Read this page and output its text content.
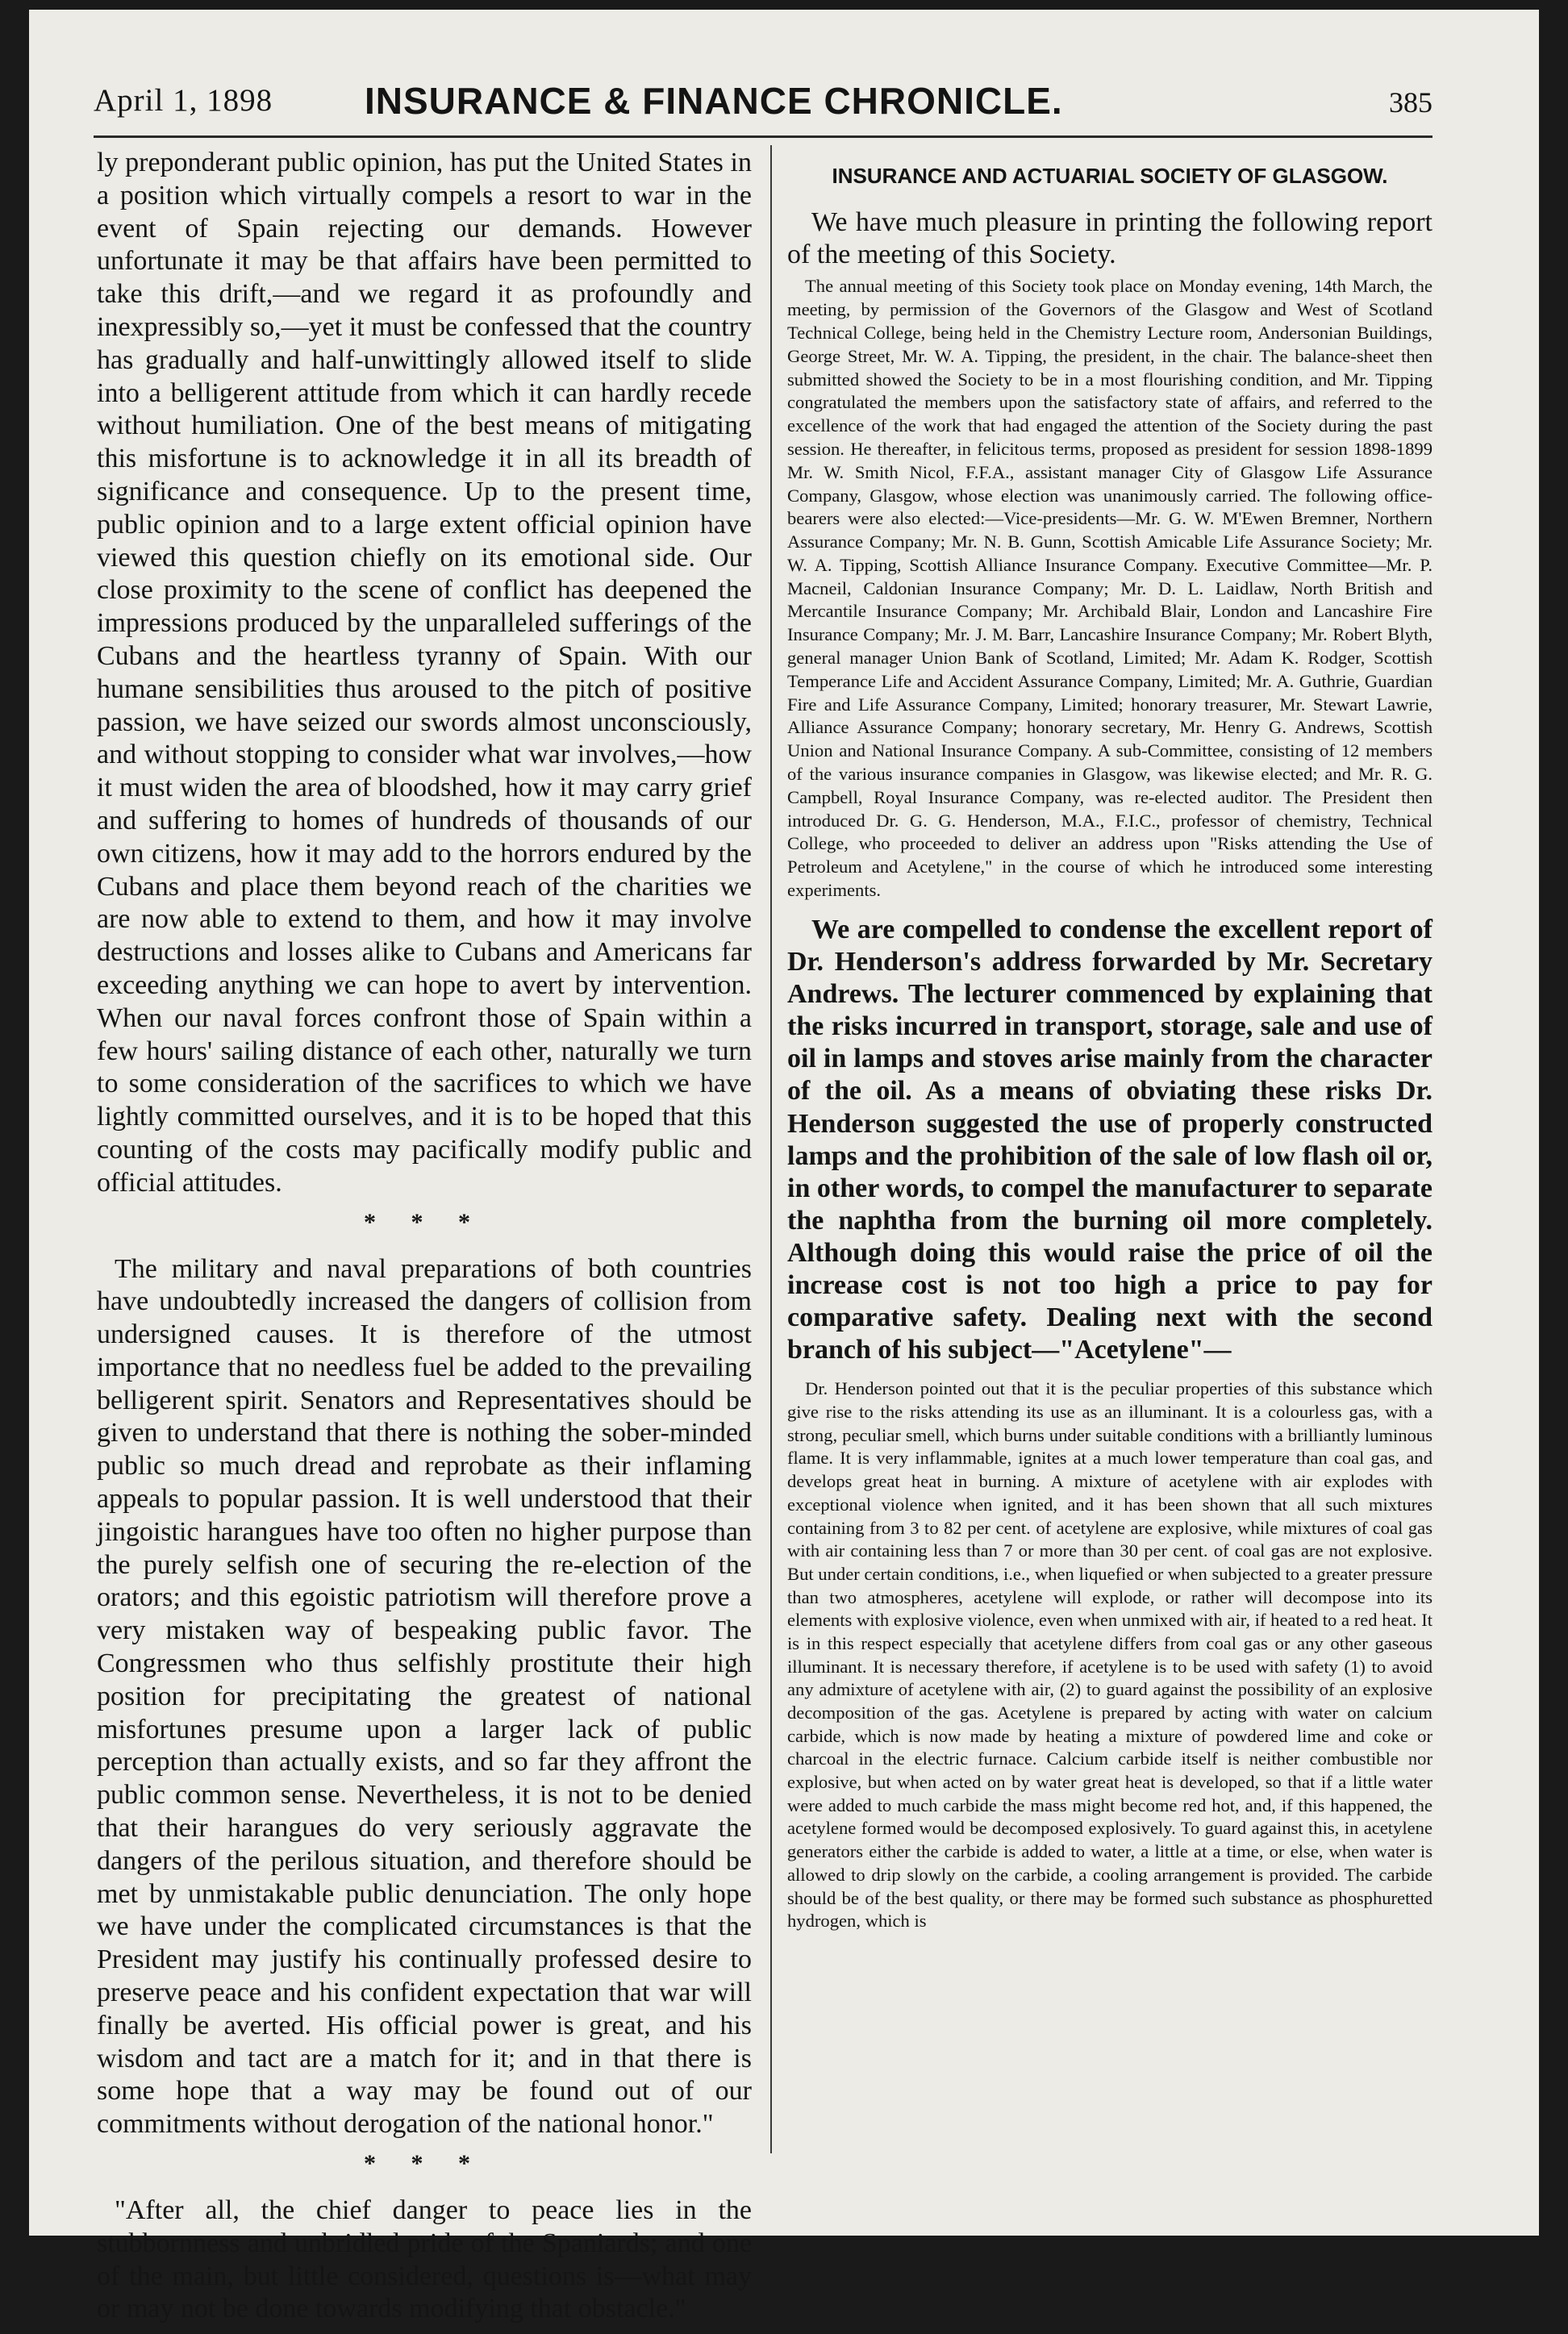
April 1, 1898 INSURANCE & FINANCE CHRONICLE.	385

ly preponderant public opinion, has put the United States in a position which virtually compels a resort to war in the event of Spain rejecting our demands. However unfortunate it may be that affairs have been permitted to take this drift,—and we regard it as profoundly and inexpressibly so,—yet it must be confessed that the country has gradually and half-unwittingly allowed itself to slide into a belligerent attitude from which it can hardly recede without humiliation. One of the best means of mitigating this misfortune is to acknowledge it in all its breadth of significance and consequence. Up to the present time, public opinion and to a large extent official opinion have viewed this question chiefly on its emotional side. Our close proximity to the scene of conflict has deepened the impressions produced by the unparalleled sufferings of the Cubans and the heartless tyranny of Spain. With our humane sensibilities thus aroused to the pitch of positive passion, we have seized our swords almost unconsciously, and without stopping to consider what war involves,—how it must widen the area of bloodshed, how it may carry grief and suffering to homes of hundreds of thousands of our own citizens, how it may add to the horrors endured by the Cubans and place them beyond reach of the charities we are now able to extend to them, and how it may involve destructions and losses alike to Cubans and Americans far exceeding anything we can hope to avert by intervention. When our naval forces confront those of Spain within a few hours' sailing distance of each other, naturally we turn to some consideration of the sacrifices to which we have lightly committed ourselves, and it is to be hoped that this counting of the costs may pacifically modify public and official attitudes.

* * *

The military and naval preparations of both countries have undoubtedly increased the dangers of collision from undersigned causes. It is therefore of the utmost importance that no needless fuel be added to the prevailing belligerent spirit. Senators and Representatives should be given to understand that there is nothing the sober-minded public so much dread and reprobate as their inflaming appeals to popular passion. It is well understood that their jingoistic harangues have too often no higher purpose than the purely selfish one of securing the re-election of the orators; and this egoistic patriotism will therefore prove a very mistaken way of bespeaking public favor. The Congressmen who thus selfishly prostitute their high position for precipitating the greatest of national misfortunes presume upon a larger lack of public perception than actually exists, and so far they affront the public common sense. Nevertheless, it is not to be denied that their harangues do very seriously aggravate the dangers of the perilous situation, and therefore should be met by unmistakable public denunciation. The only hope we have under the complicated circumstances is that the President may justify his continually professed desire to preserve peace and his confident expectation that war will finally be averted. His official power is great, and his wisdom and tact are a match for it; and in that there is some hope that a way may be found out of our commitments without derogation of the national honor."

* * *

"After all, the chief danger to peace lies in the stubbornness and unbridled pride of the Spaniards; and one of the main, but little considered, questions is—what may or may not be done towards modifying that obstacle."

INSURANCE AND ACTUARIAL SOCIETY OF GLASGOW.

We have much pleasure in printing the following report of the meeting of this Society.

The annual meeting of this Society took place on Monday evening, 14th March, the meeting, by permission of the Governors of the Glasgow and West of Scotland Technical College, being held in the Chemistry Lecture room, Andersonian Buildings, George Street, Mr. W. A. Tipping, the president, in the chair. The balance-sheet then submitted showed the Society to be in a most flourishing condition, and Mr. Tipping congratulated the members upon the satisfactory state of affairs, and referred to the excellence of the work that had engaged the attention of the Society during the past session. He thereafter, in felicitous terms, proposed as president for session 1898-1899 Mr. W. Smith Nicol, F.F.A., assistant manager City of Glasgow Life Assurance Company, Glasgow, whose election was unanimously carried. The following office-bearers were also elected:—Vice-presidents—Mr. G. W. M'Ewen Bremner, Northern Assurance Company; Mr. N. B. Gunn, Scottish Amicable Life Assurance Society; Mr. W. A. Tipping, Scottish Alliance Insurance Company. Executive Committee—Mr. P. Macneil, Caldonian Insurance Company; Mr. D. L. Laidlaw, North British and Mercantile Insurance Company; Mr. Archibald Blair, London and Lancashire Fire Insurance Company; Mr. J. M. Barr, Lancashire Insurance Company; Mr. Robert Blyth, general manager Union Bank of Scotland, Limited; Mr. Adam K. Rodger, Scottish Temperance Life and Accident Assurance Company, Limited; Mr. A. Guthrie, Guardian Fire and Life Assurance Company, Limited; honorary treasurer, Mr. Stewart Lawrie, Alliance Assurance Company; honorary secretary, Mr. Henry G. Andrews, Scottish Union and National Insurance Company. A sub-Committee, consisting of 12 members of the various insurance companies in Glasgow, was likewise elected; and Mr. R. G. Campbell, Royal Insurance Company, was re-elected auditor. The President then introduced Dr. G. G. Henderson, M.A., F.I.C., professor of chemistry, Technical College, who proceeded to deliver an address upon "Risks attending the Use of Petroleum and Acetylene," in the course of which he introduced some interesting experiments.

We are compelled to condense the excellent report of Dr. Henderson's address forwarded by Mr. Secretary Andrews. The lecturer commenced by explaining that the risks incurred in transport, storage, sale and use of oil in lamps and stoves arise mainly from the character of the oil. As a means of obviating these risks Dr. Henderson suggested the use of properly constructed lamps and the prohibition of the sale of low flash oil or, in other words, to compel the manufacturer to separate the naphtha from the burning oil more completely. Although doing this would raise the price of oil the increase cost is not too high a price to pay for comparative safety. Dealing next with the second branch of his subject—"Acetylene"—

Dr. Henderson pointed out that it is the peculiar properties of this substance which give rise to the risks attending its use as an illuminant. It is a colourless gas, with a strong, peculiar smell, which burns under suitable conditions with a brilliantly luminous flame. It is very inflammable, ignites at a much lower temperature than coal gas, and develops great heat in burning. A mixture of acetylene with air explodes with exceptional violence when ignited, and it has been shown that all such mixtures containing from 3 to 82 per cent. of acetylene are explosive, while mixtures of coal gas with air containing less than 7 or more than 30 per cent. of coal gas are not explosive. But under certain conditions, i.e., when liquefied or when subjected to a greater pressure than two atmospheres, acetylene will explode, or rather will decompose into its elements with explosive violence, even when unmixed with air, if heated to a red heat. It is in this respect especially that acetylene differs from coal gas or any other gaseous illuminant. It is necessary therefore, if acetylene is to be used with safety (1) to avoid any admixture of acetylene with air, (2) to guard against the possibility of an explosive decomposition of the gas. Acetylene is prepared by acting with water on calcium carbide, which is now made by heating a mixture of powdered lime and coke or charcoal in the electric furnace. Calcium carbide itself is neither combustible nor explosive, but when acted on by water great heat is developed, so that if a little water were added to much carbide the mass might become red hot, and, if this happened, the acetylene formed would be decomposed explosively. To guard against this, in acetylene generators either the carbide is added to water, a little at a time, or else, when water is allowed to drip slowly on the carbide, a cooling arrangement is provided. The carbide should be of the best quality, or there may be formed such substance as phosphuretted hydrogen, which is
